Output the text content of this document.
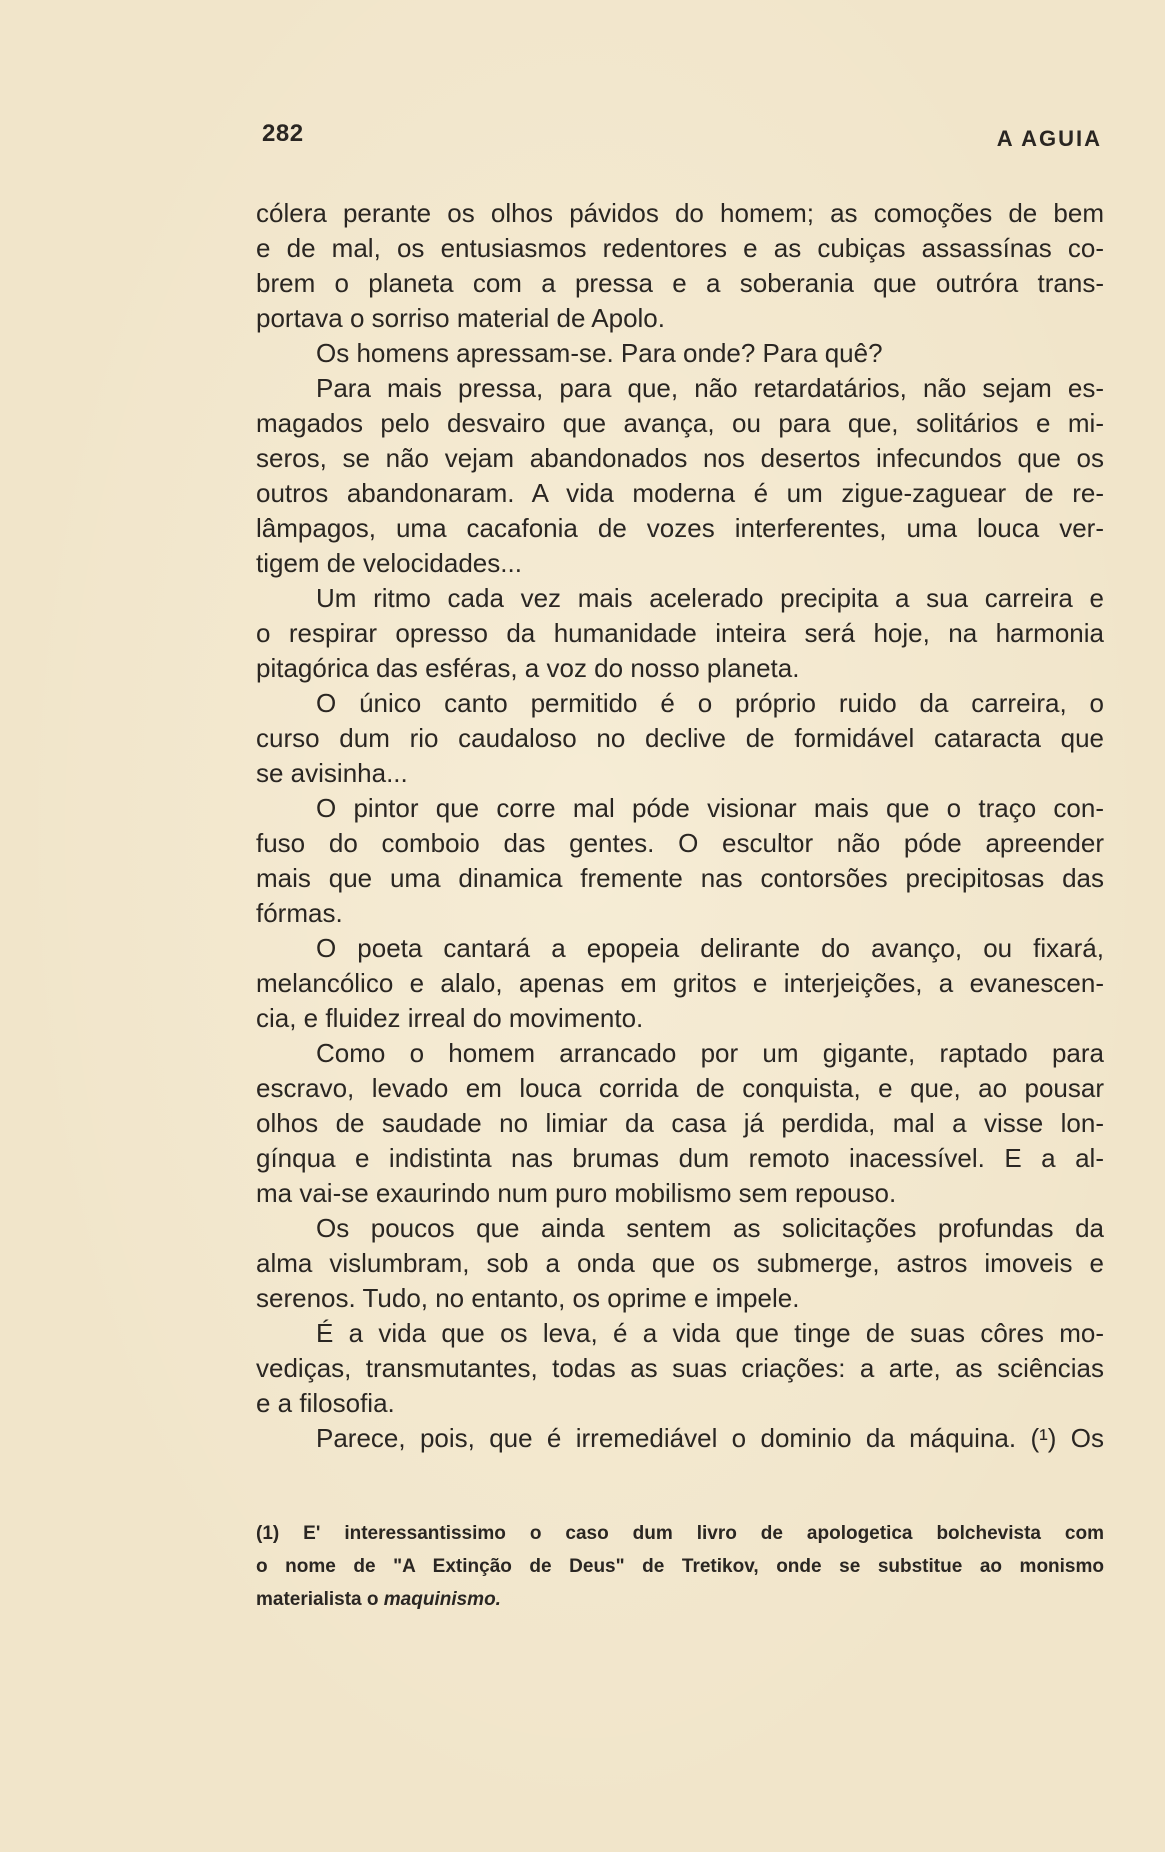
282	A AGUIA
cólera perante os olhos pávidos do homem; as comoções de bem
e de mal, os entusiasmos redentores e as cubiças assassínas co-
brem o planeta com a pressa e a soberania que outróra trans-
portava o sorriso material de Apolo.
Os homens apressam-se. Para onde? Para quê?
Para mais pressa, para que, não retardatários, não sejam es-
magados pelo desvairo que avança, ou para que, solitários e mi-
seros, se não vejam abandonados nos desertos infecundos que os
outros abandonaram. A vida moderna é um zigue-zaguear de re-
lâmpagos, uma cacafonia de vozes interferentes, uma louca ver-
tigem de velocidades...
Um ritmo cada vez mais acelerado precipita a sua carreira e
o respirar opresso da humanidade inteira será hoje, na harmonia
pitagórica das esféras, a voz do nosso planeta.
O único canto permitido é o próprio ruido da carreira, o
curso dum rio caudaloso no declive de formidável cataracta que
se avisinha...
O pintor que corre mal póde visionar mais que o traço con-
fuso do comboio das gentes. O escultor não póde apreender
mais que uma dinamica fremente nas contorsões precipitosas das
fórmas.
O poeta cantará a epopeia delirante do avanço, ou fixará,
melancólico e alalo, apenas em gritos e interjeições, a evanescen-
cia, e fluidez irreal do movimento.
Como o homem arrancado por um gigante, raptado para
escravo, levado em louca corrida de conquista, e que, ao pousar
olhos de saudade no limiar da casa já perdida, mal a visse lon-
gínqua e indistinta nas brumas dum remoto inacessível. E a al-
ma vai-se exaurindo num puro mobilismo sem repouso.
Os poucos que ainda sentem as solicitações profundas da
alma vislumbram, sob a onda que os submerge, astros imoveis e
serenos. Tudo, no entanto, os oprime e impele.
É a vida que os leva, é a vida que tinge de suas côres mo-
vediças, transmutantes, todas as suas criações: a arte, as sciências
e a filosofia.
Parece, pois, que é irremediável o dominio da máquina. (¹) Os
(1) E' interessantissimo o caso dum livro de apologetica bolchevista com
o nome de "A Extinção de Deus" de Tretikov, onde se substitue ao monismo
materialista o maquinismo.
